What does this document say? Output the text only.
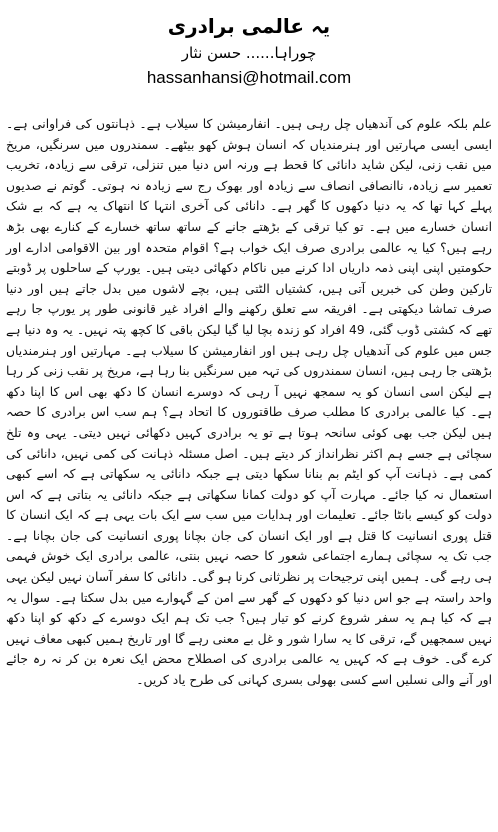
یہ عالمی برادری
چوراہا...... حسن نثار
hassanhansi@hotmail.com

علم بلکہ علوم کی آندھیاں چل رہی ہیں۔ انفارمیشن کا سیلاب ہے۔ ذہانتوں کی فراوانی ہے۔ ایسی ایسی مہارتیں اور ہنرمندیاں کہ انسان ہوش کھو بیٹھے۔ سمندروں میں سرنگیں، مریخ میں نقب زنی، لیکن شاید دانائی کا قحط ہے ورنہ اس دنیا میں تنزلی، ترقی سے زیادہ، تخریب تعمیر سے زیادہ، ناانصافی انصاف سے زیادہ اور بھوک رج سے زیادہ نہ ہوتی۔ گوتم نے صدیوں پہلے کہا تھا کہ یہ دنیا دکھوں کا گھر ہے۔ دانائی کی آخری انتہا کا انتھاک یہ ہے کہ بے شک انسان خسارے میں ہے۔ تو کیا ترقی کے بڑھتے جانے کے ساتھ ساتھ خسارے کے کنارے بھی بڑھ رہے ہیں؟ کیا یہ عالمی برادری صرف ایک خواب ہے؟ اقوام متحدہ اور بین الاقوامی ادارے اور حکومتیں اپنی اپنی ذمہ داریاں ادا کرنے میں ناکام دکھائی دیتی ہیں۔ یورپ کے ساحلوں پر ڈوبتے تارکین وطن کی خبریں آتی ہیں، کشتیاں الٹتی ہیں، بچے لاشوں میں بدل جاتے ہیں اور دنیا صرف تماشا دیکھتی ہے۔ افریقہ سے تعلق رکھنے والے افراد غیر قانونی طور پر یورپ جا رہے تھے کہ کشتی ڈوب گئی، 49 افراد کو زندہ بچا لیا گیا لیکن باقی کا کچھ پتہ نہیں۔ یہ وہ دنیا ہے جس میں علوم کی آندھیاں چل رہی ہیں اور انفارمیشن کا سیلاب ہے۔ مہارتیں اور ہنرمندیاں بڑھتی جا رہی ہیں، انسان سمندروں کی تہہ میں سرنگیں بنا رہا ہے، مریخ پر نقب زنی کر رہا ہے لیکن اسی انسان کو یہ سمجھ نہیں آ رہی کہ دوسرے انسان کا دکھ بھی اس کا اپنا دکھ ہے۔ کیا عالمی برادری کا مطلب صرف طاقتوروں کا اتحاد ہے؟ ہم سب اس برادری کا حصہ ہیں لیکن جب بھی کوئی سانحہ ہوتا ہے تو یہ برادری کہیں دکھائی نہیں دیتی۔ یہی وہ تلخ سچائی ہے جسے ہم اکثر نظرانداز کر دیتے ہیں۔ اصل مسئلہ ذہانت کی کمی نہیں، دانائی کی کمی ہے۔ ذہانت آپ کو ایٹم بم بنانا سکھا دیتی ہے جبکہ دانائی یہ سکھاتی ہے کہ اسے کبھی استعمال نہ کیا جائے۔ مہارت آپ کو دولت کمانا سکھاتی ہے جبکہ دانائی یہ بتاتی ہے کہ اس دولت کو کیسے بانٹا جائے۔ تعلیمات اور ہدایات میں سب سے ایک بات یہی ہے کہ ایک انسان کا قتل پوری انسانیت کا قتل ہے اور ایک انسان کی جان بچانا پوری انسانیت کی جان بچانا ہے۔ جب تک یہ سچائی ہمارے اجتماعی شعور کا حصہ نہیں بنتی، عالمی برادری ایک خوش فہمی ہی رہے گی۔ ہمیں اپنی ترجیحات پر نظرثانی کرنا ہو گی۔ دانائی کا سفر آسان نہیں لیکن یہی واحد راستہ ہے جو اس دنیا کو دکھوں کے گھر سے امن کے گہوارے میں بدل سکتا ہے۔ سوال یہ ہے کہ کیا ہم یہ سفر شروع کرنے کو تیار ہیں؟ جب تک ہم ایک دوسرے کے دکھ کو اپنا دکھ نہیں سمجھیں گے، ترقی کا یہ سارا شور و غل بے معنی رہے گا اور تاریخ ہمیں کبھی معاف نہیں کرے گی۔ خوف ہے کہ کہیں یہ عالمی برادری کی اصطلاح محض ایک نعرہ بن کر نہ رہ جائے اور آنے والی نسلیں اسے کسی بھولی بسری کہانی کی طرح یاد کریں۔
